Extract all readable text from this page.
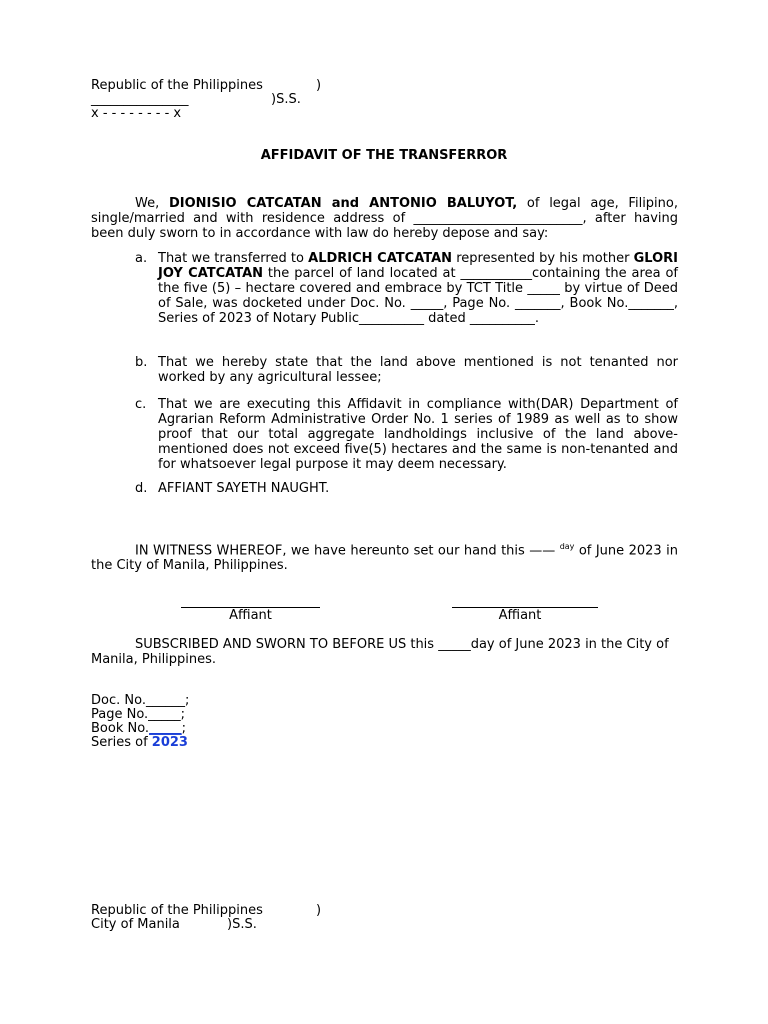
Republic of the Philippines	)
_______________	)S.S.
x - - - - - - - - x
AFFIDAVIT OF THE TRANSFERROR
We, DIONISIO CATCATAN and ANTONIO BALUYOT, of legal age, Filipino, single/married and with residence address of __________________________, after having been duly sworn to in accordance with law do hereby depose and say:
a. That we transferred to ALDRICH CATCATAN represented by his mother GLORI JOY CATCATAN the parcel of land located at ___________containing the area of the five (5) – hectare covered and embrace by TCT Title _____ by virtue of Deed of Sale, was docketed under Doc. No. _____, Page No. _______, Book No._______, Series of 2023 of Notary Public__________ dated __________.
b. That we hereby state that the land above mentioned is not tenanted nor worked by any agricultural lessee;
c. That we are executing this Affidavit in compliance with(DAR) Department of Agrarian Reform Administrative Order No. 1 series of 1989 as well as to show proof that our total aggregate landholdings inclusive of the land above-mentioned does not exceed five(5) hectares and the same is non-tenanted and for whatsoever legal purpose it may deem necessary.
d. AFFIANT SAYETH NAUGHT.
IN WITNESS WHEREOF, we have hereunto set our hand this —— $^{day}$ of June 2023 in the City of Manila, Philippines.
Affiant	Affiant
SUBSCRIBED AND SWORN TO BEFORE US this _____day of June 2023 in the City of Manila, Philippines.
Doc. No.______;
Page No._____;
Book No._____;
Series of 2023
Republic of the Philippines	)
City of Manila	)S.S.
